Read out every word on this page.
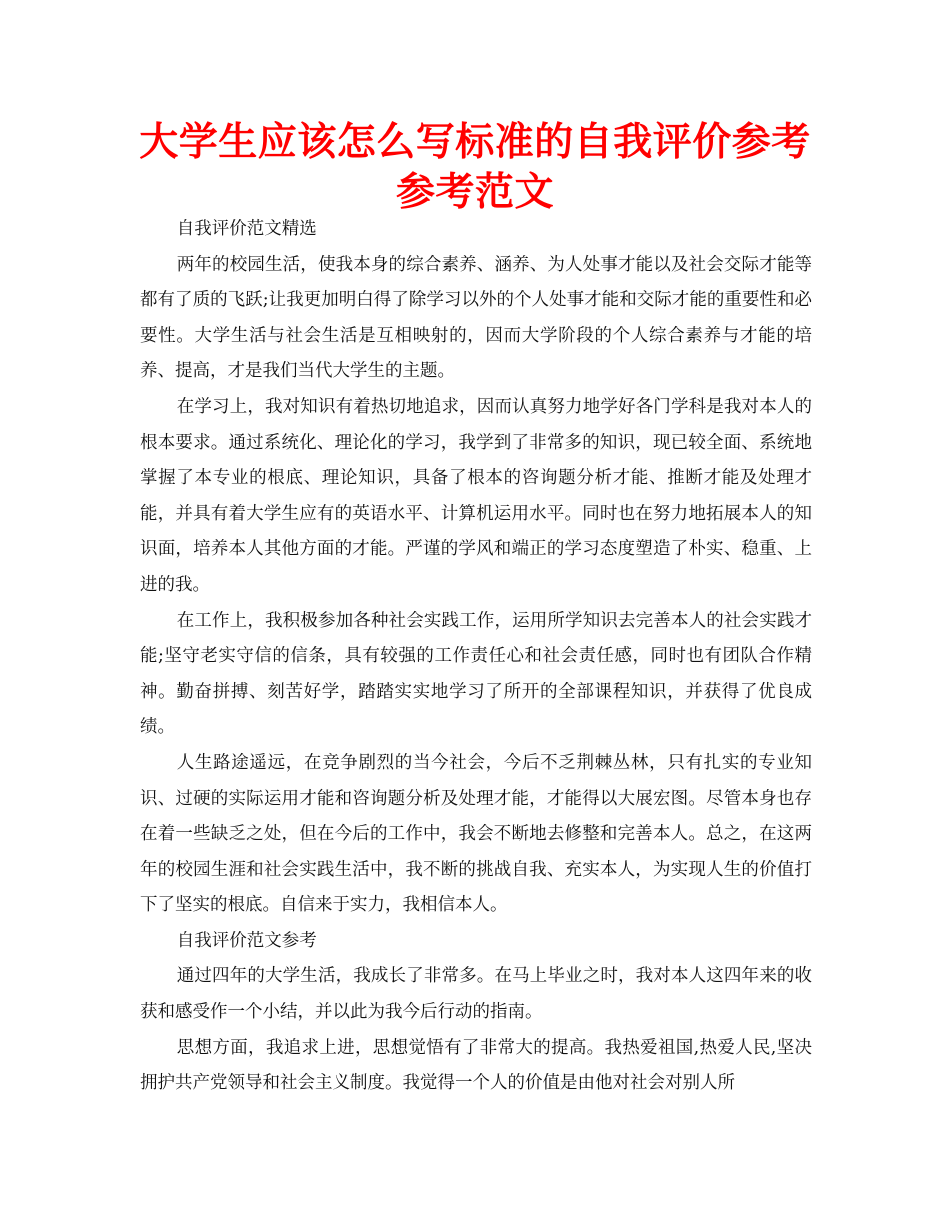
大学生应该怎么写标准的自我评价参考参考范文

自我评价范文精选

两年的校园生活，使我本身的综合素养、涵养、为人处事才能以及社会交际才能等都有了质的飞跃;让我更加明白得了除学习以外的个人处事才能和交际才能的重要性和必要性。大学生活与社会生活是互相映射的，因而大学阶段的个人综合素养与才能的培养、提高，才是我们当代大学生的主题。

在学习上，我对知识有着热切地追求，因而认真努力地学好各门学科是我对本人的根本要求。通过系统化、理论化的学习，我学到了非常多的知识，现已较全面、系统地掌握了本专业的根底、理论知识，具备了根本的咨询题分析才能、推断才能及处理才能，并具有着大学生应有的英语水平、计算机运用水平。同时也在努力地拓展本人的知识面，培养本人其他方面的才能。严谨的学风和端正的学习态度塑造了朴实、稳重、上进的我。

在工作上，我积极参加各种社会实践工作，运用所学知识去完善本人的社会实践才能;坚守老实守信的信条，具有较强的工作责任心和社会责任感，同时也有团队合作精神。勤奋拼搏、刻苦好学，踏踏实实地学习了所开的全部课程知识，并获得了优良成绩。

人生路途遥远，在竞争剧烈的当今社会，今后不乏荆棘丛林，只有扎实的专业知识、过硬的实际运用才能和咨询题分析及处理才能，才能得以大展宏图。尽管本身也存在着一些缺乏之处，但在今后的工作中，我会不断地去修整和完善本人。总之，在这两年的校园生涯和社会实践生活中，我不断的挑战自我、充实本人，为实现人生的价值打下了坚实的根底。自信来于实力，我相信本人。

自我评价范文参考

通过四年的大学生活，我成长了非常多。在马上毕业之时，我对本人这四年来的收获和感受作一个小结，并以此为我今后行动的指南。

思想方面，我追求上进，思想觉悟有了非常大的提高。我热爱祖国,热爱人民,坚决拥护共产党领导和社会主义制度。我觉得一个人的价值是由他对社会对别人所
